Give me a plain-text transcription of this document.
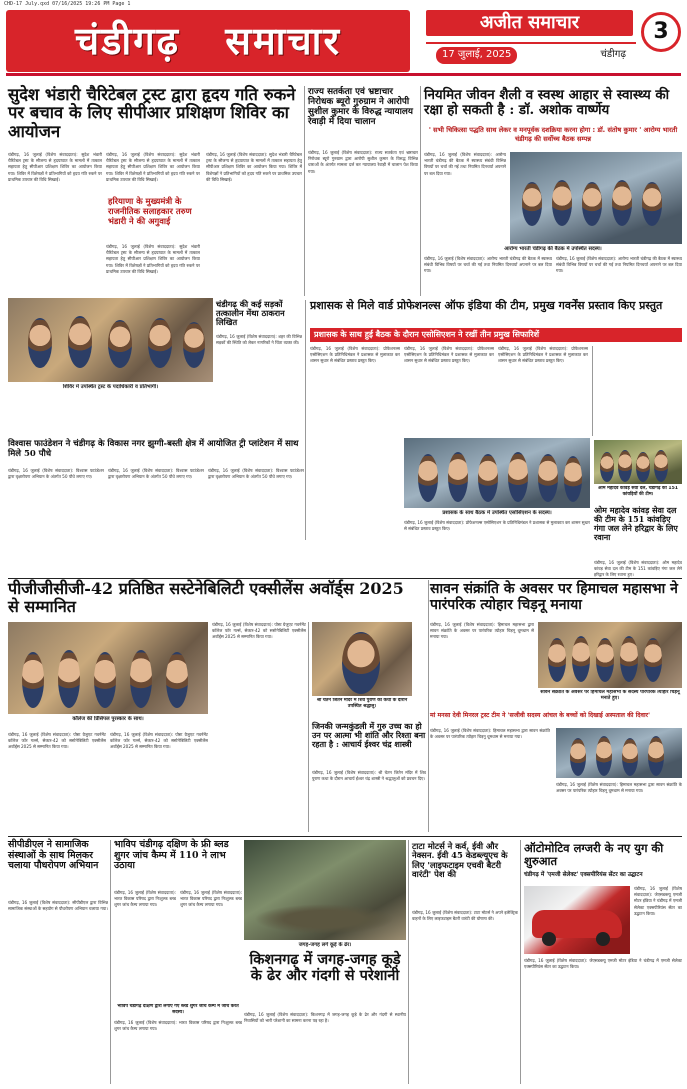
CHD-17 July.qxd 07/16/2025 19:26 PM Page 1
चंडीगढ़ समाचार	अजीत समाचार	3
17 जुलाई, 2025	चंडीगढ़
सुदेश भंडारी चैरिटेबल ट्रस्ट द्वारा हृदय गति रुकने पर बचाव के लिए सीपीआर प्रशिक्षण शिविर का आयोजन
चंडीगढ़, 16 जुलाई (विशेष संवाददाता): सुदेश भंडारी चैरिटेबल ट्रस्ट के सौजन्य से हृदयाघात के मामलों में तत्काल सहायता हेतु सीपीआर प्रशिक्षण शिविर का आयोजन किया गया। शिविर में विशेषज्ञों ने प्रतिभागियों को हृदय गति रुकने पर प्राथमिक उपचार की विधि सिखाई।
चंडीगढ़, 16 जुलाई (विशेष संवाददाता): सुदेश भंडारी चैरिटेबल ट्रस्ट के सौजन्य से हृदयाघात के मामलों में तत्काल सहायता हेतु सीपीआर प्रशिक्षण शिविर का आयोजन किया गया। शिविर में विशेषज्ञों ने प्रतिभागियों को हृदय गति रुकने पर प्राथमिक उपचार की विधि सिखाई।
हरियाणा के मुख्यमंत्री के राजनीतिक सलाहकार तरुण भंडारी ने की अगुवाई
चंडीगढ़, 16 जुलाई (विशेष संवाददाता): सुदेश भंडारी चैरिटेबल ट्रस्ट के सौजन्य से हृदयाघात के मामलों में तत्काल सहायता हेतु सीपीआर प्रशिक्षण शिविर का आयोजन किया गया। शिविर में विशेषज्ञों ने प्रतिभागियों को हृदय गति रुकने पर प्राथमिक उपचार की विधि सिखाई।
चंडीगढ़, 16 जुलाई (विशेष संवाददाता): सुदेश भंडारी चैरिटेबल ट्रस्ट के सौजन्य से हृदयाघात के मामलों में तत्काल सहायता हेतु सीपीआर प्रशिक्षण शिविर का आयोजन किया गया। शिविर में विशेषज्ञों ने प्रतिभागियों को हृदय गति रुकने पर प्राथमिक उपचार की विधि सिखाई।
शिविर में उपस्थित ट्रस्ट के पदाधिकारी व प्रतिभागी।
राज्य सतर्कता एवं भ्रष्टाचार निरोधक ब्यूरो गुरुग्राम ने आरोपी सुशील कुमार के विरुद्ध न्यायालय रेवाड़ी में दिया चालान
चंडीगढ़, 16 जुलाई (विशेष संवाददाता): राज्य सतर्कता एवं भ्रष्टाचार निरोधक ब्यूरो गुरुग्राम द्वारा आरोपी सुशील कुमार के विरुद्ध विभिन्न धाराओं के अंतर्गत मामला दर्ज कर न्यायालय रेवाड़ी में चालान पेश किया गया।
नियमित जीवन शैली व स्वस्थ आहार से स्वास्थ्य की रक्षा हो सकती है : डॉ. अशोक वार्ष्णेय
' सभी चिकित्सा पद्धति साथ लेकर व मनपूर्वक दशक्रिया करना होगा : डॉ. संतोष कुमार ' आरोग्य भारती चंडीगढ़ की सर्वोच्च बैठक सम्पन्न
चंडीगढ़, 16 जुलाई (विशेष संवाददाता): आरोग्य भारती चंडीगढ़ की बैठक में स्वास्थ्य संबंधी विभिन्न विषयों पर चर्चा की गई तथा नियमित दिनचर्या अपनाने पर बल दिया गया।
आरोग्य भारती चंडीगढ़ की बैठक में उपस्थित सदस्य।
चंडीगढ़, 16 जुलाई (विशेष संवाददाता): आरोग्य भारती चंडीगढ़ की बैठक में स्वास्थ्य संबंधी विभिन्न विषयों पर चर्चा की गई तथा नियमित दिनचर्या अपनाने पर बल दिया गया।
चंडीगढ़, 16 जुलाई (विशेष संवाददाता): आरोग्य भारती चंडीगढ़ की बैठक में स्वास्थ्य संबंधी विभिन्न विषयों पर चर्चा की गई तथा नियमित दिनचर्या अपनाने पर बल दिया गया।
चंडीगढ़ की कई सड़कों तत्कालीन मेंथा ठाकरान लिखित
चंडीगढ़, 16 जुलाई (विशेष संवाददाता): शहर की विभिन्न सड़कों की स्थिति को लेकर नागरिकों ने चिंता व्यक्त की।
प्रशासक से मिले वार्ड प्रोफेशनल्स ऑफ इंडिया की टीम, प्रमुख गवर्नेंस प्रस्ताव किए प्रस्तुत
प्रशासक के साथ हुई बैठक के दौरान एसोसिएशन ने रखीं तीन प्रमुख सिफारिशें
चंडीगढ़, 16 जुलाई (विशेष संवाददाता): प्रोफेशनल्स एसोसिएशन के प्रतिनिधिमंडल ने प्रशासक से मुलाकात कर शासन सुधार से संबंधित प्रस्ताव प्रस्तुत किए।
चंडीगढ़, 16 जुलाई (विशेष संवाददाता): प्रोफेशनल्स एसोसिएशन के प्रतिनिधिमंडल ने प्रशासक से मुलाकात कर शासन सुधार से संबंधित प्रस्ताव प्रस्तुत किए।
चंडीगढ़, 16 जुलाई (विशेष संवाददाता): प्रोफेशनल्स एसोसिएशन के प्रतिनिधिमंडल ने प्रशासक से मुलाकात कर शासन सुधार से संबंधित प्रस्ताव प्रस्तुत किए।
प्रशासक के साथ बैठक में उपस्थित एसोसिएशन के सदस्य।
चंडीगढ़, 16 जुलाई (विशेष संवाददाता): प्रोफेशनल्स एसोसिएशन के प्रतिनिधिमंडल ने प्रशासक से मुलाकात कर शासन सुधार से संबंधित प्रस्ताव प्रस्तुत किए।
विश्वास फाउंडेशन ने चंडीगढ़ के विकास नगर झुग्गी-बस्ती क्षेत्र में आयोजित ट्री प्लांटेशन में साथ मिले 50 पौधे
चंडीगढ़, 16 जुलाई (विशेष संवाददाता): विश्वास फाउंडेशन द्वारा वृक्षारोपण अभियान के अंतर्गत 50 पौधे लगाए गए।
चंडीगढ़, 16 जुलाई (विशेष संवाददाता): विश्वास फाउंडेशन द्वारा वृक्षारोपण अभियान के अंतर्गत 50 पौधे लगाए गए।
चंडीगढ़, 16 जुलाई (विशेष संवाददाता): विश्वास फाउंडेशन द्वारा वृक्षारोपण अभियान के अंतर्गत 50 पौधे लगाए गए।
ओम महादेव कांवड़ सेवा दल, चंडीगढ़ की 151 कांवड़ियों की टीम।
ओम महादेव कांवड़ सेवा दल की टीम के 151 कांवड़िए गंगा जल लेने हरिद्वार के लिए रवाना
चंडीगढ़, 16 जुलाई (विशेष संवाददाता): ओम महादेव कांवड़ सेवा दल की टीम के 151 कांवड़िए गंगा जल लेने हरिद्वार के लिए रवाना हुए।
पीजीजीसीजी-42 प्रतिष्ठित सस्टेनेबिलिटी एक्सीलेंस अवॉर्ड्स 2025 से सम्मानित
कॉलेज की प्रिंसिपल पुरस्कार के साथ।
चंडीगढ़, 16 जुलाई (विशेष संवाददाता): पोस्ट ग्रेजुएट गवर्नमेंट कॉलेज फॉर गर्ल्स, सेक्टर-42 को सस्टेनेबिलिटी एक्सीलेंस अवॉर्ड्स 2025 से सम्मानित किया गया।
चंडीगढ़, 16 जुलाई (विशेष संवाददाता): पोस्ट ग्रेजुएट गवर्नमेंट कॉलेज फॉर गर्ल्स, सेक्टर-42 को सस्टेनेबिलिटी एक्सीलेंस अवॉर्ड्स 2025 से सम्मानित किया गया।
चंडीगढ़, 16 जुलाई (विशेष संवाददाता): पोस्ट ग्रेजुएट गवर्नमेंट कॉलेज फॉर गर्ल्स, सेक्टर-42 को सस्टेनेबिलिटी एक्सीलेंस अवॉर्ड्स 2025 से सम्मानित किया गया।
श्री चेतन जितेन मंदिर में शिव पुराण की कथा के दौरान उपस्थित श्रद्धालु।
जिनकी जन्मकुंडली में गुरु उच्च का हो उन पर आत्मा भी शांति और रिश्ता बना रहता है : आचार्य ईश्वर चंद्र शास्त्री
चंडीगढ़, 16 जुलाई (विशेष संवाददाता): श्री चेतन जितेन मंदिर में शिव पुराण कथा के दौरान आचार्य ईश्वर चंद्र शास्त्री ने श्रद्धालुओं को प्रवचन दिए।
सावन संक्रांति के अवसर पर हिमाचल महासभा ने पारंपरिक त्योहार चिड़नू मनाया
चंडीगढ़, 16 जुलाई (विशेष संवाददाता): हिमाचल महासभा द्वारा सावन संक्रांति के अवसर पर पारंपरिक त्योहार चिड़नू धूमधाम से मनाया गया।
सावन संक्रांति के अवसर पर हिमाचल महासभा के सदस्य पारंपरिक त्योहार चिड़नू मनाते हुए।
मां मनसा देवी मिनरल ट्रस्ट टीम ने 'सजीवी सदस्य आंचल के बच्चों को दिखाई अस्पताल की दिवार'
चंडीगढ़, 16 जुलाई (विशेष संवाददाता): हिमाचल महासभा द्वारा सावन संक्रांति के अवसर पर पारंपरिक त्योहार चिड़नू धूमधाम से मनाया गया।
चंडीगढ़, 16 जुलाई (विशेष संवाददाता): हिमाचल महासभा द्वारा सावन संक्रांति के अवसर पर पारंपरिक त्योहार चिड़नू धूमधाम से मनाया गया।
सीपीडीएल ने सामाजिक संस्थाओं के साथ मिलकर चलाया पौधरोपण अभियान
चंडीगढ़, 16 जुलाई (विशेष संवाददाता): सीपीडीएल द्वारा विभिन्न सामाजिक संस्थाओं के सहयोग से पौधरोपण अभियान चलाया गया।
भाविप चंडीगढ़ दक्षिण के फ्री ब्लड शुगर जांच कैम्प में 110 ने लाभ उठाया
चंडीगढ़, 16 जुलाई (विशेष संवाददाता): भारत विकास परिषद द्वारा निःशुल्क ब्लड शुगर जांच कैम्प लगाया गया।
चंडीगढ़, 16 जुलाई (विशेष संवाददाता): भारत विकास परिषद द्वारा निःशुल्क ब्लड शुगर जांच कैम्प लगाया गया।
भाविप चंडीगढ़ दक्षिण द्वारा लगाए गए ब्लड शुगर जांच कैम्प में जांच करते सदस्य।
चंडीगढ़, 16 जुलाई (विशेष संवाददाता): भारत विकास परिषद द्वारा निःशुल्क ब्लड शुगर जांच कैम्प लगाया गया।
जगह-जगह लगे कूड़े के ढेर।
किशनगढ़ में जगह-जगह कूड़े के ढेर और गंदगी से परेशानी
चंडीगढ़, 16 जुलाई (विशेष संवाददाता): किशनगढ़ में जगह-जगह कूड़े के ढेर और गंदगी से स्थानीय निवासियों को भारी परेशानी का सामना करना पड़ रहा है।
टाटा मोटर्स ने कर्व, ईवी और नेक्सन. ईवी 45 केडब्ल्यूएच के लिए 'लाइफटाइम एचवी बैटरी वारंटी' पेश की
चंडीगढ़, 16 जुलाई (विशेष संवाददाता): टाटा मोटर्स ने अपने इलेक्ट्रिक वाहनों के लिए लाइफटाइम बैटरी वारंटी की घोषणा की।
ऑटोमोटिव लग्जरी के नए युग की शुरुआत
चंडीगढ़ में 'एमजी सेलेक्ट' एक्सपीरियंस सेंटर का उद्घाटन
चंडीगढ़, 16 जुलाई (विशेष संवाददाता): जेएसडब्ल्यू एमजी मोटर इंडिया ने चंडीगढ़ में एमजी सेलेक्ट एक्सपीरियंस सेंटर का उद्घाटन किया।
चंडीगढ़, 16 जुलाई (विशेष संवाददाता): जेएसडब्ल्यू एमजी मोटर इंडिया ने चंडीगढ़ में एमजी सेलेक्ट एक्सपीरियंस सेंटर का उद्घाटन किया।
